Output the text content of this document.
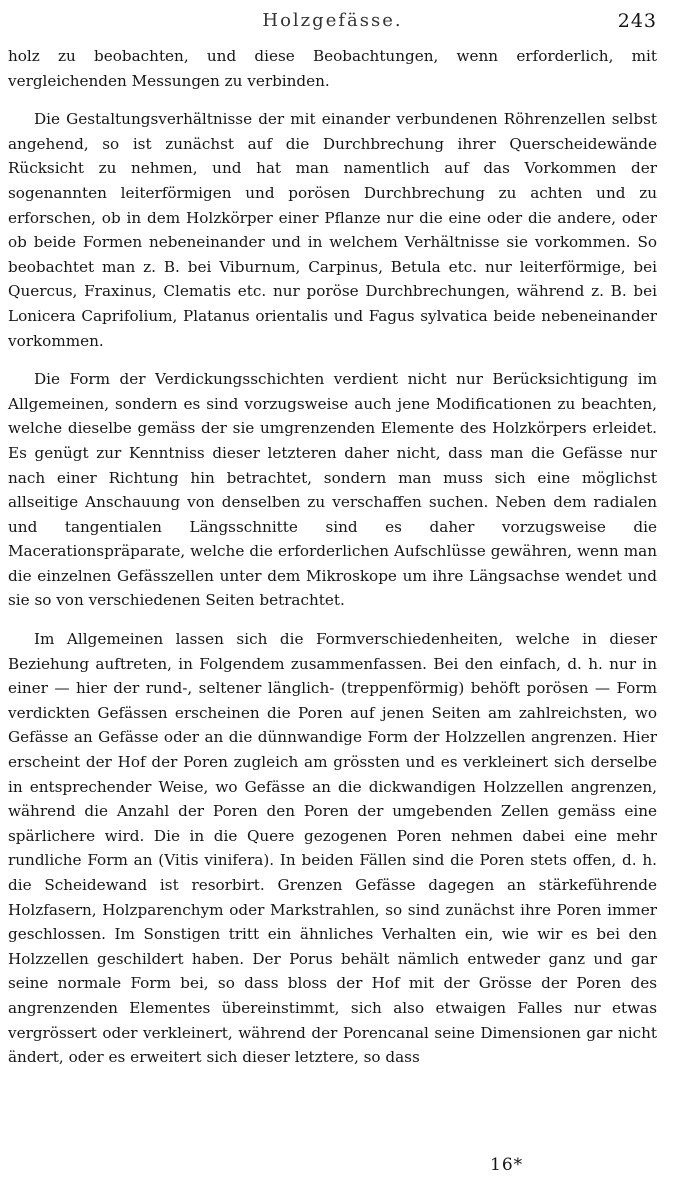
Holzgefässe.	243

holz zu beobachten, und diese Beobachtungen, wenn erforderlich, mit vergleichenden Messungen zu verbinden.

Die Gestaltungsverhältnisse der mit einander verbundenen Röhrenzellen selbst angehend, so ist zunächst auf die Durchbrechung ihrer Querscheidewände Rücksicht zu nehmen, und hat man namentlich auf das Vorkommen der sogenannten leiterförmigen und porösen Durchbrechung zu achten und zu erforschen, ob in dem Holzkörper einer Pflanze nur die eine oder die andere, oder ob beide Formen nebeneinander und in welchem Verhältnisse sie vorkommen. So beobachtet man z. B. bei Viburnum, Carpinus, Betula etc. nur leiterförmige, bei Quercus, Fraxinus, Clematis etc. nur poröse Durchbrechungen, während z. B. bei Lonicera Caprifolium, Platanus orientalis und Fagus sylvatica beide nebeneinander vorkommen.

Die Form der Verdickungsschichten verdient nicht nur Berücksichtigung im Allgemeinen, sondern es sind vorzugsweise auch jene Modificationen zu beachten, welche dieselbe gemäss der sie umgrenzenden Elemente des Holzkörpers erleidet. Es genügt zur Kenntniss dieser letzteren daher nicht, dass man die Gefässe nur nach einer Richtung hin betrachtet, sondern man muss sich eine möglichst allseitige Anschauung von denselben zu verschaffen suchen. Neben dem radialen und tangentialen Längsschnitte sind es daher vorzugsweise die Macerationspräparate, welche die erforderlichen Aufschlüsse gewähren, wenn man die einzelnen Gefässzellen unter dem Mikroskope um ihre Längsachse wendet und sie so von verschiedenen Seiten betrachtet.

Im Allgemeinen lassen sich die Formverschiedenheiten, welche in dieser Beziehung auftreten, in Folgendem zusammenfassen. Bei den einfach, d. h. nur in einer — hier der rund-, seltener länglich- (treppenförmig) behöft porösen — Form verdickten Gefässen erscheinen die Poren auf jenen Seiten am zahlreichsten, wo Gefässe an Gefässe oder an die dünnwandige Form der Holzzellen angrenzen. Hier erscheint der Hof der Poren zugleich am grössten und es verkleinert sich derselbe in entsprechender Weise, wo Gefässe an die dickwandigen Holzzellen angrenzen, während die Anzahl der Poren den Poren der umgebenden Zellen gemäss eine spärlichere wird. Die in die Quere gezogenen Poren nehmen dabei eine mehr rundliche Form an (Vitis vinifera). In beiden Fällen sind die Poren stets offen, d. h. die Scheidewand ist resorbirt. Grenzen Gefässe dagegen an stärkeführende Holzfasern, Holzparenchym oder Markstrahlen, so sind zunächst ihre Poren immer geschlossen. Im Sonstigen tritt ein ähnliches Verhalten ein, wie wir es bei den Holzzellen geschildert haben. Der Porus behält nämlich entweder ganz und gar seine normale Form bei, so dass bloss der Hof mit der Grösse der Poren des angrenzenden Elementes übereinstimmt, sich also etwaigen Falles nur etwas vergrössert oder verkleinert, während der Porencanal seine Dimensionen gar nicht ändert, oder es erweitert sich dieser letztere, so dass

16*
